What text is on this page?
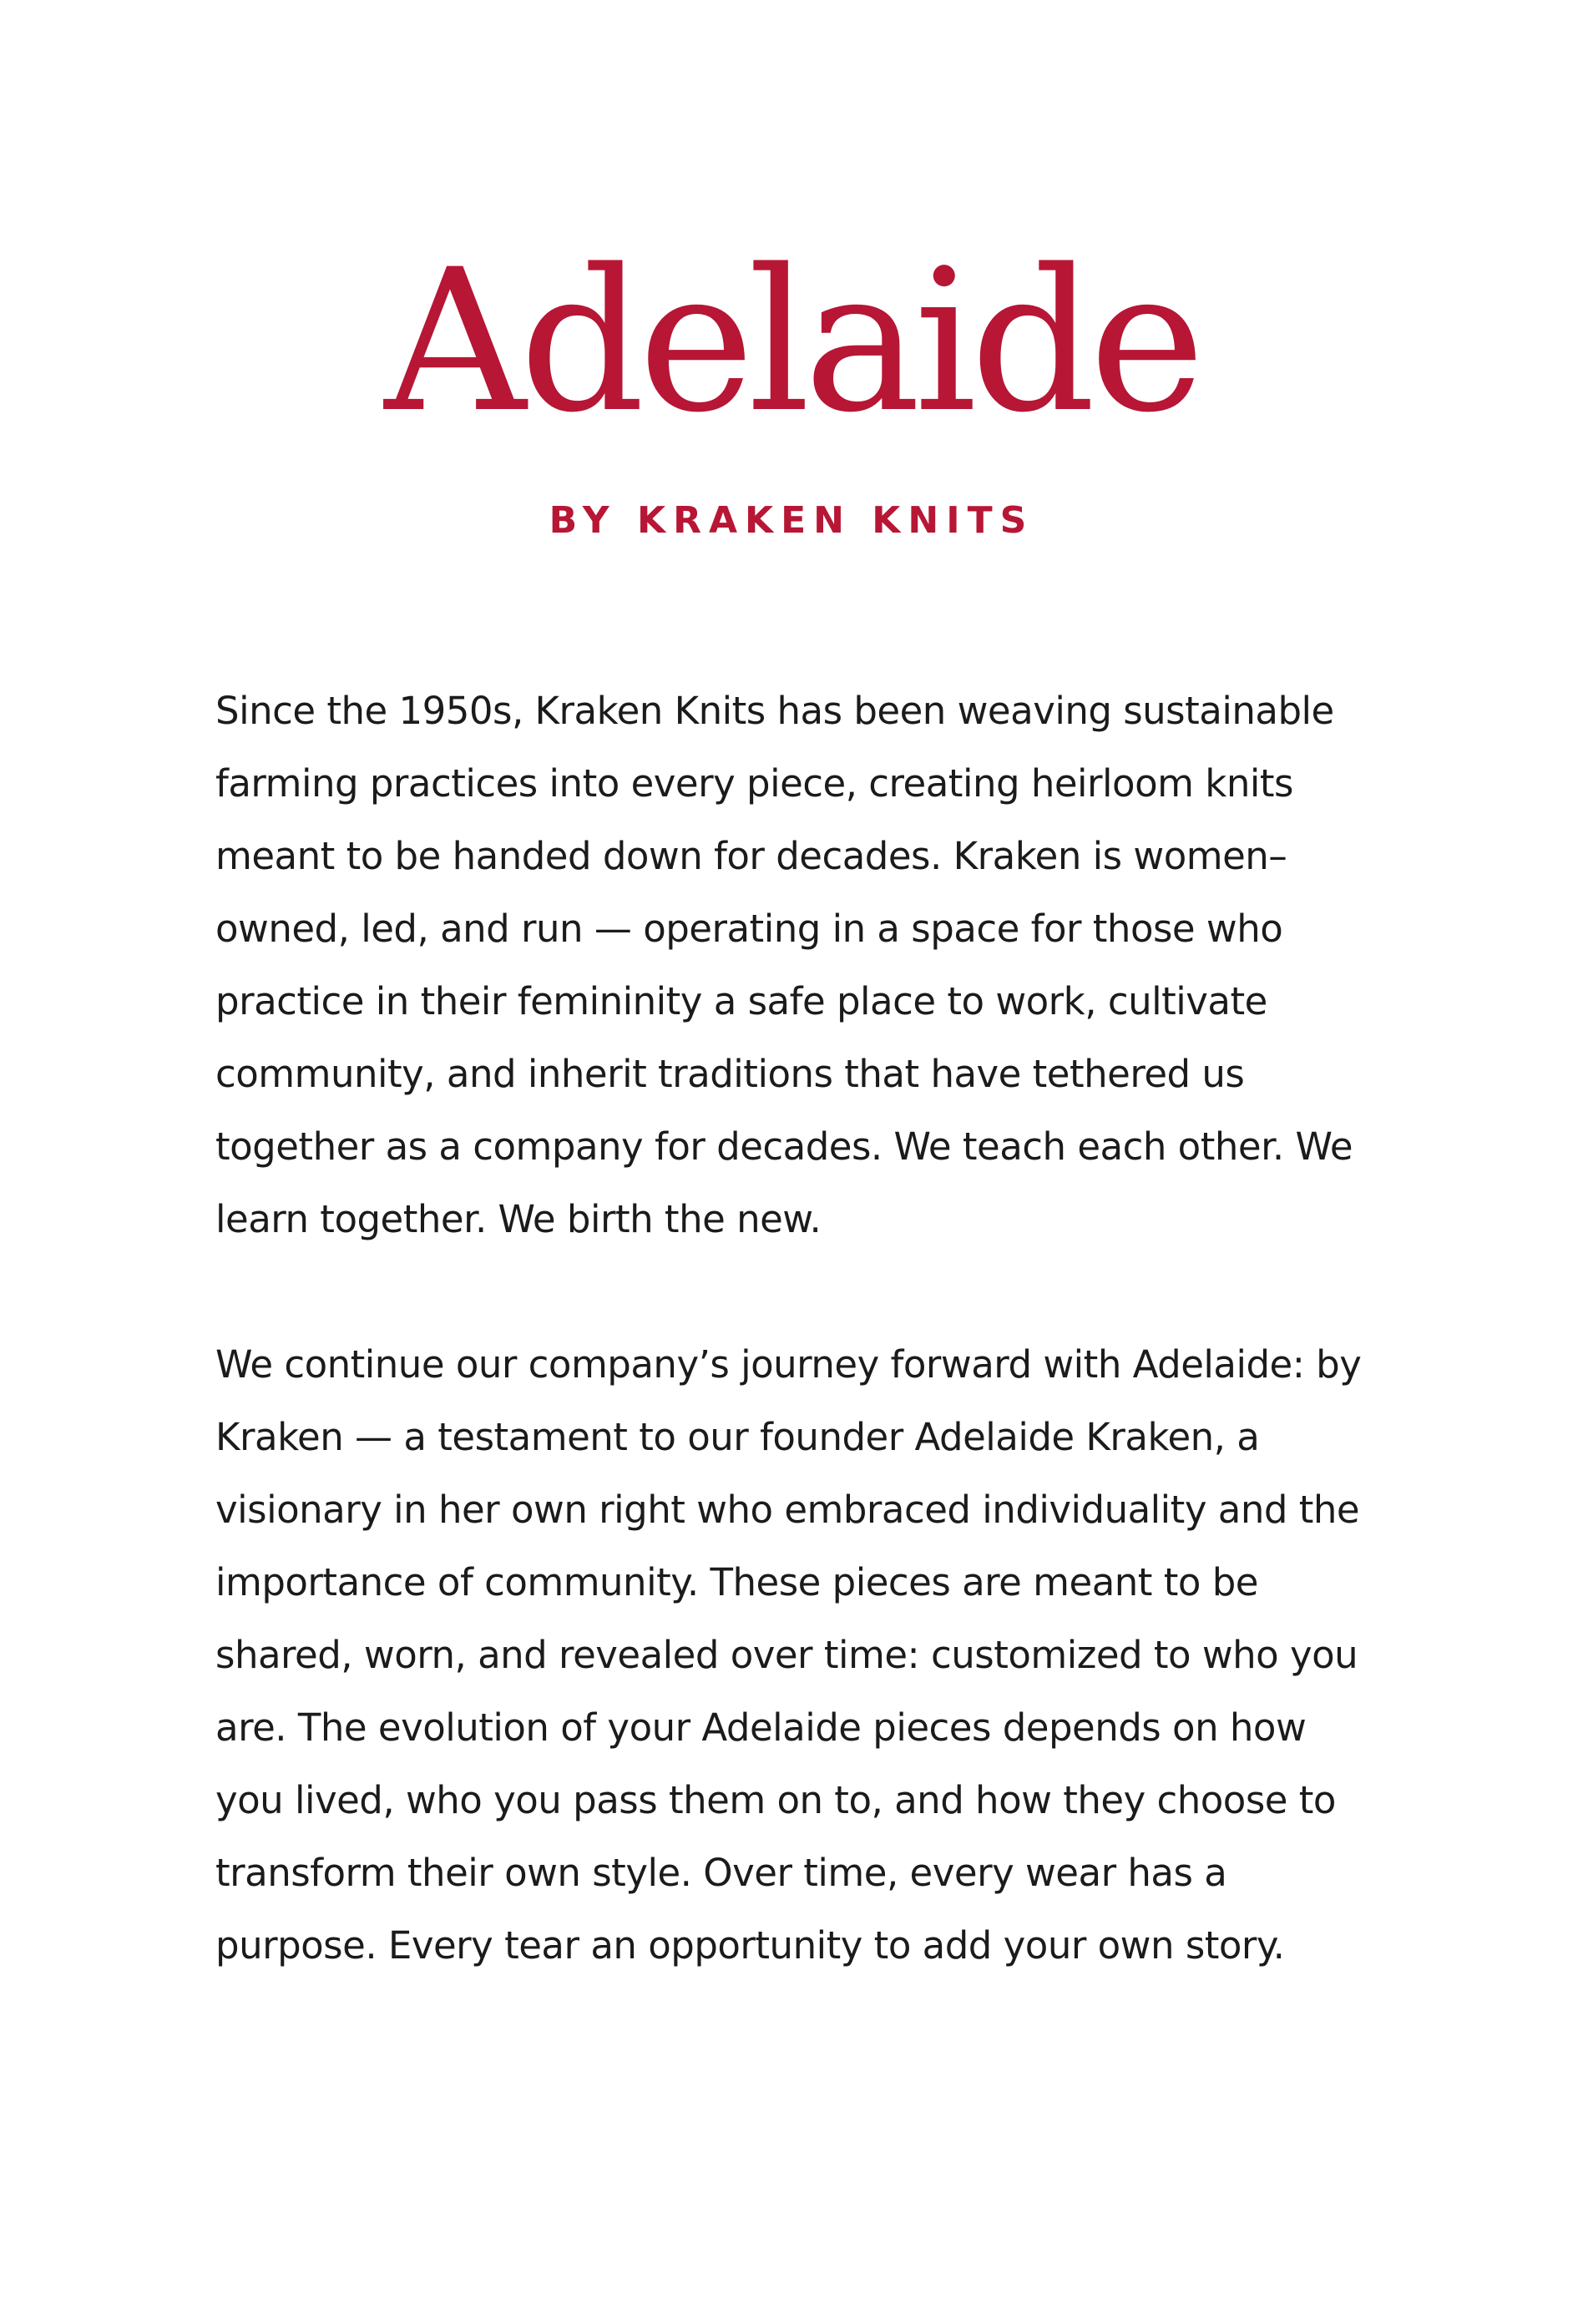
Adelaide
BY KRAKEN KNITS

Since the 1950s, Kraken Knits has been weaving sustainable farming practices into every piece, creating heirloom knits meant to be handed down for decades. Kraken is women–owned, led, and run — operating in a space for those who practice in their femininity a safe place to work, cultivate community, and inherit traditions that have tethered us together as a company for decades. We teach each other. We learn together. We birth the new.

We continue our company’s journey forward with Adelaide: by Kraken — a testament to our founder Adelaide Kraken, a visionary in her own right who embraced individuality and the importance of community. These pieces are meant to be shared, worn, and revealed over time: customized to who you are. The evolution of your Adelaide pieces depends on how you lived, who you pass them on to, and how they choose to transform their own style. Over time, every wear has a purpose. Every tear an opportunity to add your own story.
